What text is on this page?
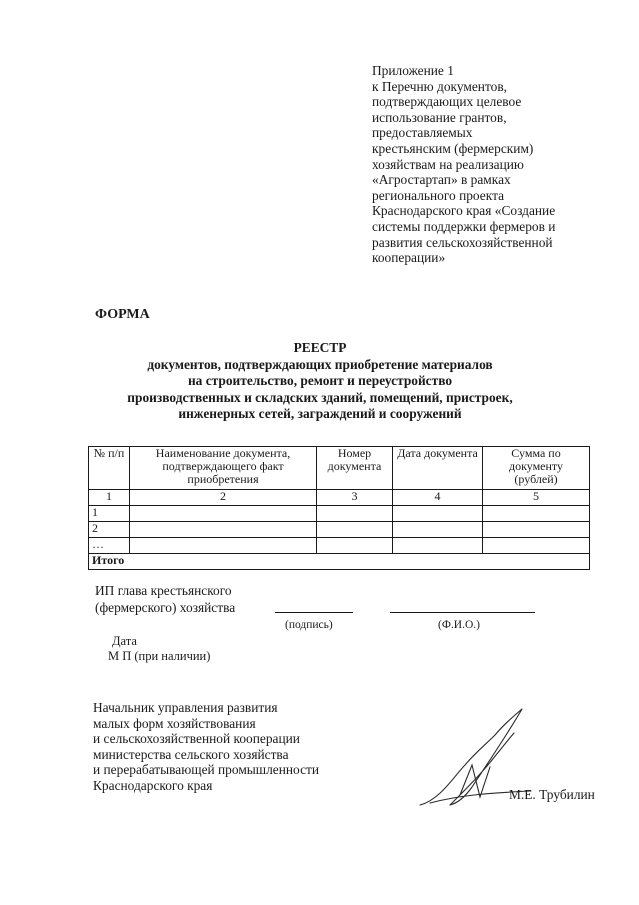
Приложение 1
к Перечню документов,
подтверждающих целевое
использование грантов,
предоставляемых
крестьянским (фермерским)
хозяйствам на реализацию
«Агростартап» в рамках
регионального проекта
Краснодарского края «Создание
системы поддержки фермеров и
развития сельскохозяйственной
кооперации»
ФОРМА
РЕЕСТР
документов, подтверждающих приобретение материалов
на строительство, ремонт и переустройство
производственных и складских зданий, помещений, пристроек,
инженерных сетей, заграждений и сооружений
№ п/п	Наименование документа, подтверждающего факт приобретения	Номер документа	Дата документа	Сумма по документу (рублей)
1	2	3	4	5
1				
2				
…				
Итого				
ИП глава крестьянского
(фермерского) хозяйства
(подпись)	(Ф.И.О.)
Дата
М П (при наличии)
Начальник управления развития
малых форм хозяйствования
и сельскохозяйственной кооперации
министерства сельского хозяйства
и перерабатывающей промышленности
Краснодарского края
М.Е. Трубилин
